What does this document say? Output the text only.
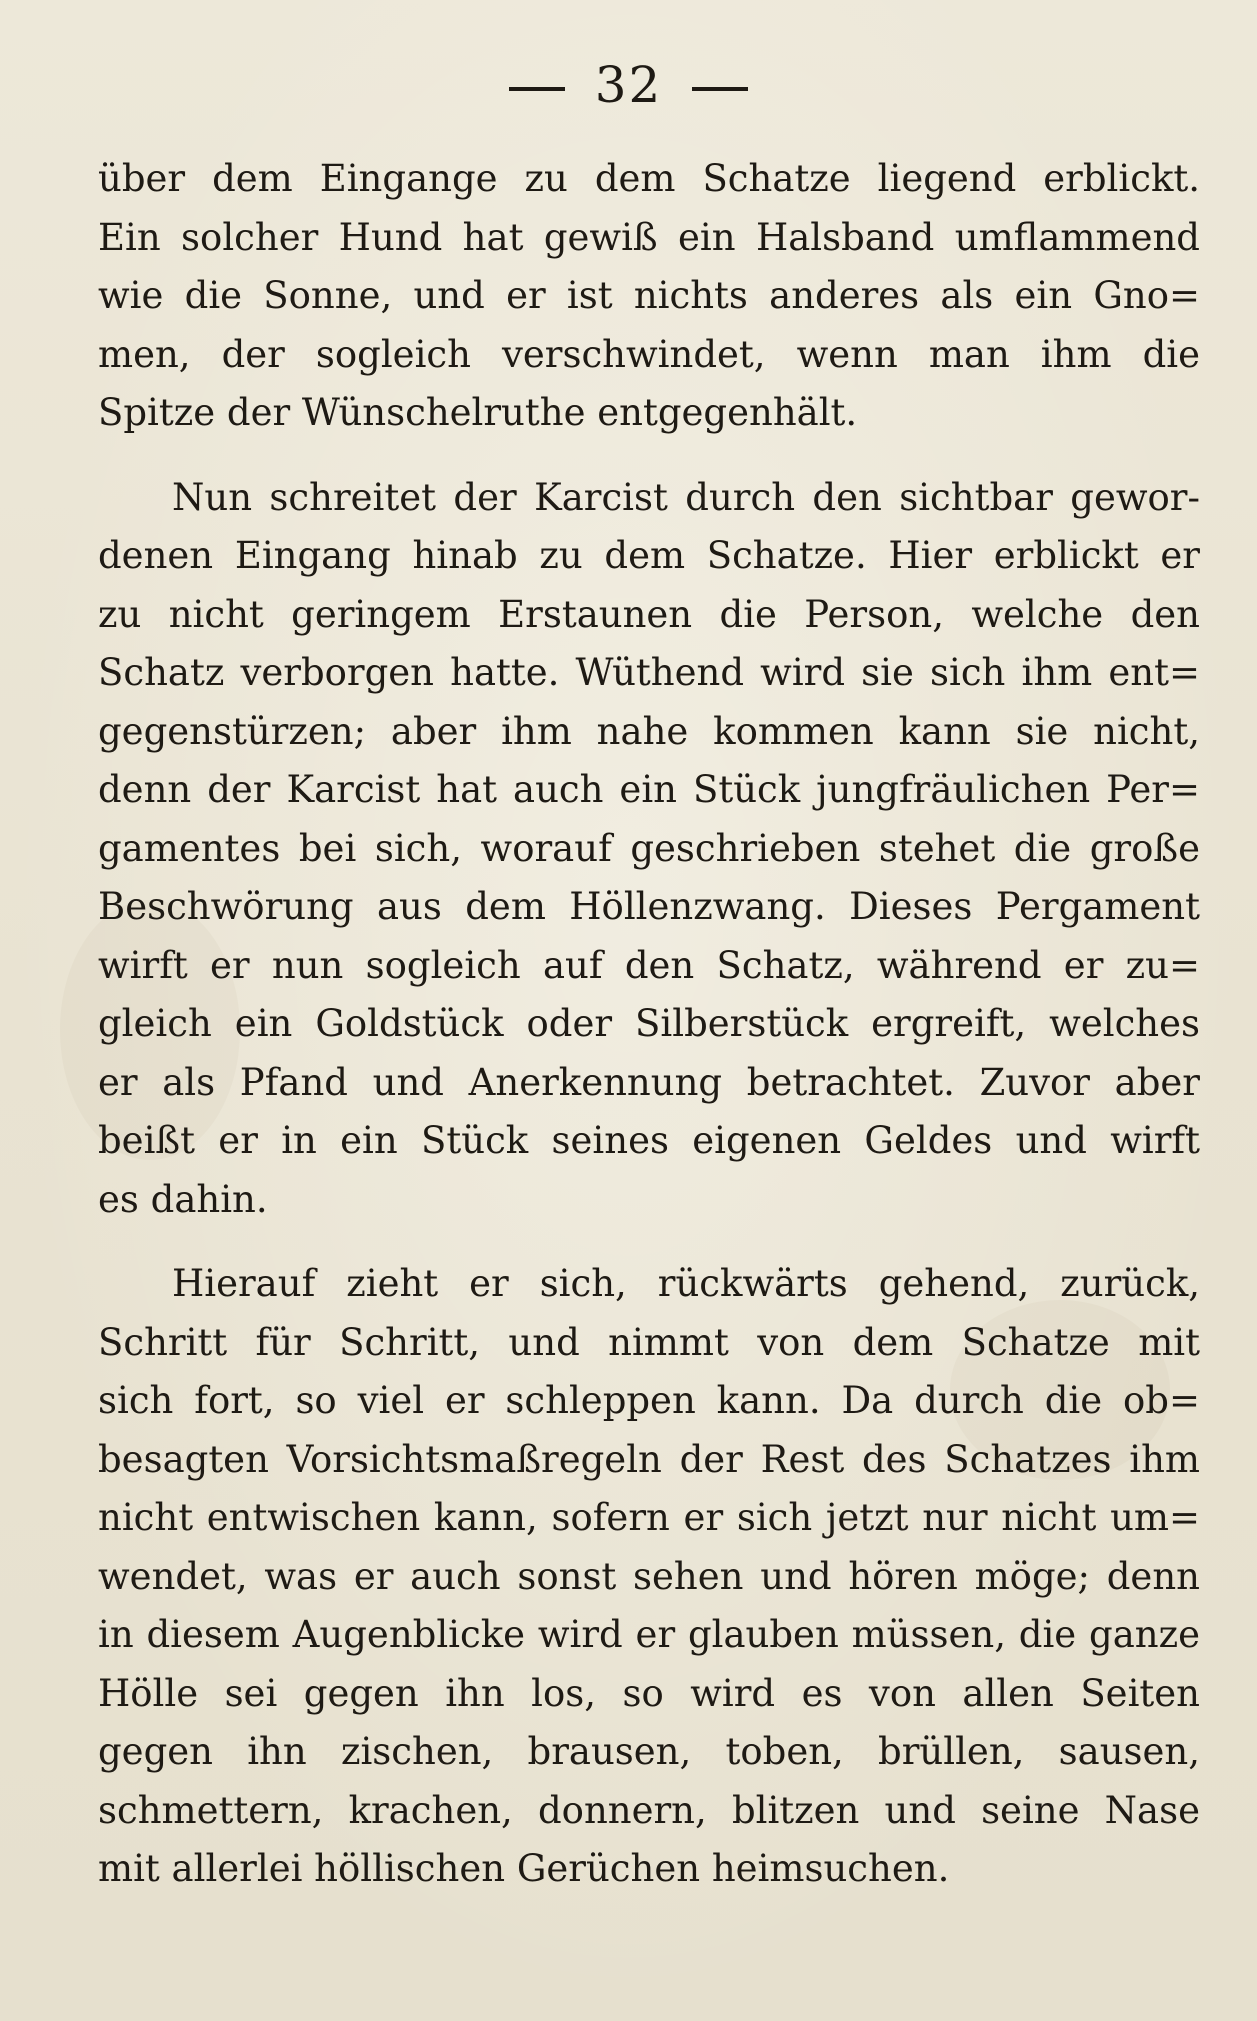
32
über dem Eingange zu dem Schatze liegend erblickt.
Ein solcher Hund hat gewiß ein Halsband umflammend
wie die Sonne, und er ist nichts anderes als ein Gno=
men, der sogleich verschwindet, wenn man ihm die
Spitze der Wünschelruthe entgegenhält.
Nun schreitet der Karcist durch den sichtbar gewor-
denen Eingang hinab zu dem Schatze. Hier erblickt er
zu nicht geringem Erstaunen die Person, welche den
Schatz verborgen hatte. Wüthend wird sie sich ihm ent=
gegenstürzen; aber ihm nahe kommen kann sie nicht,
denn der Karcist hat auch ein Stück jungfräulichen Per=
gamentes bei sich, worauf geschrieben stehet die große
Beschwörung aus dem Höllenzwang. Dieses Pergament
wirft er nun sogleich auf den Schatz, während er zu=
gleich ein Goldstück oder Silberstück ergreift, welches
er als Pfand und Anerkennung betrachtet. Zuvor aber
beißt er in ein Stück seines eigenen Geldes und wirft
es dahin.
Hierauf zieht er sich, rückwärts gehend, zurück,
Schritt für Schritt, und nimmt von dem Schatze mit
sich fort, so viel er schleppen kann. Da durch die ob=
besagten Vorsichtsmaßregeln der Rest des Schatzes ihm
nicht entwischen kann, sofern er sich jetzt nur nicht um=
wendet, was er auch sonst sehen und hören möge; denn
in diesem Augenblicke wird er glauben müssen, die ganze
Hölle sei gegen ihn los, so wird es von allen Seiten
gegen ihn zischen, brausen, toben, brüllen, sausen,
schmettern, krachen, donnern, blitzen und seine Nase
mit allerlei höllischen Gerüchen heimsuchen.
